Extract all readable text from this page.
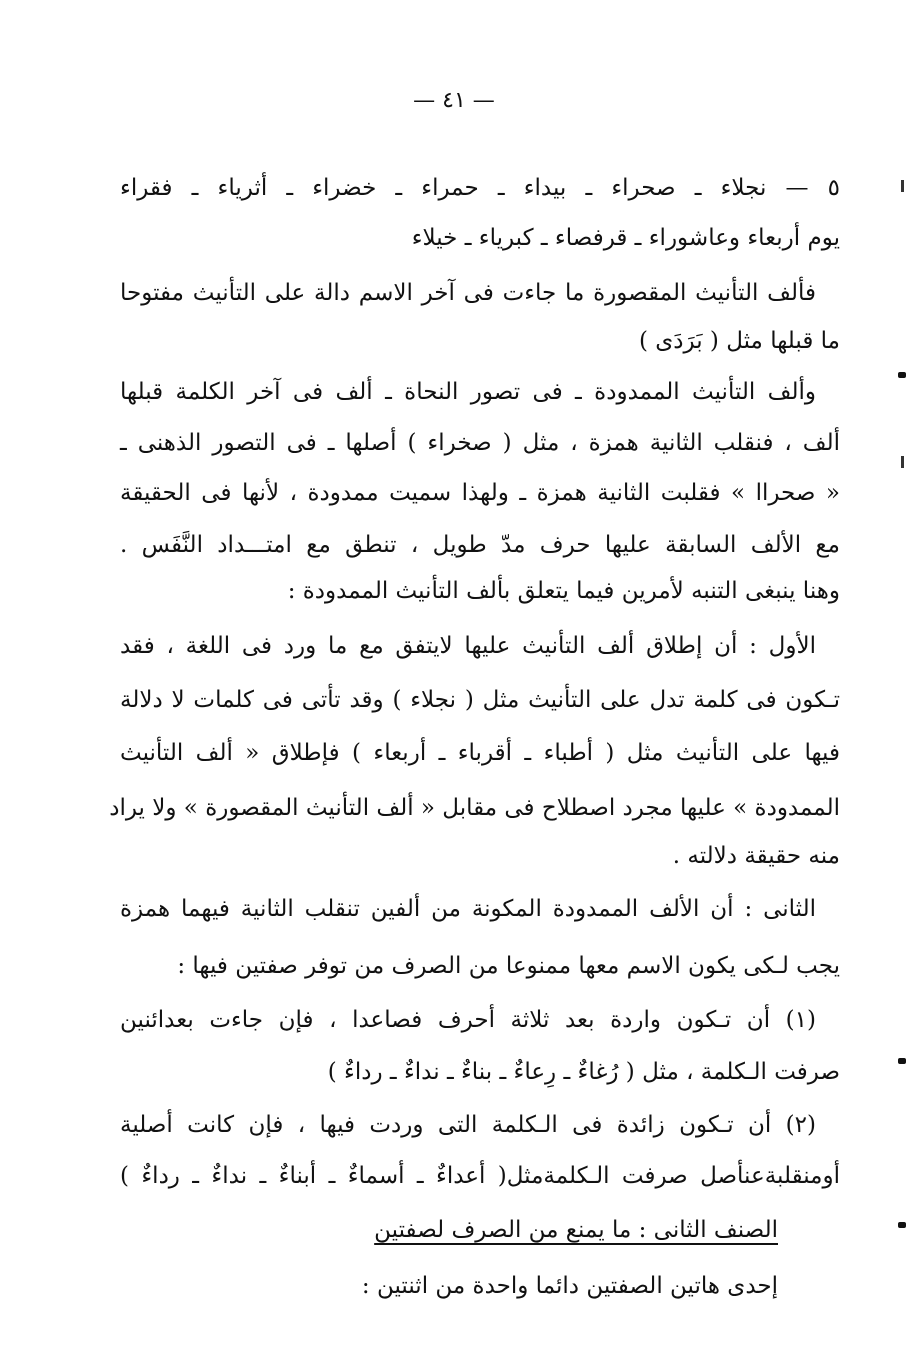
— ٤١ —
٥ — نجلاء ـ صحراء ـ بيداء ـ حمراء ـ خضراء ـ أثرياء ـ فقراء
يوم أربعاء وعاشوراء ـ قرفصاء ـ كبرياء ـ خيلاء
فألف التأنيث المقصورة ما جاءت فى آخر الاسم دالة على التأنيث مفتوحا
ما قبلها مثل ( بَرَدَى )
وألف التأنيث الممدودة ـ فى تصور النحاة ـ ألف فى آخر الكلمة قبلها
ألف ، فنقلب الثانية همزة ، مثل ( صخراء ) أصلها ـ فى التصور الذهنى ـ
« صحراا » فقلبت الثانية همزة ـ ولهذا سميت ممدودة ، لأنها فى الحقيقة
مع الألف السابقة عليها حرف مدّ طويل ، تنطق مع امتـــداد النَّفَس .
وهنا ينبغى التنبه لأمرين فيما يتعلق بألف التأنيث الممدودة :
الأول : أن إطلاق ألف التأنيث عليها لايتفق مع ما ورد فى اللغة ، فقد
تـكون فى كلمة تدل على التأنيث مثل ( نجلاء ) وقد تأتى فى كلمات لا دلالة
فيها على التأنيث مثل ( أطباء ـ أقرباء ـ أربعاء ) فإطلاق « ألف التأنيث
الممدودة » عليها مجرد اصطلاح فى مقابل « ألف التأنيث المقصورة » ولا يراد
منه حقيقة دلالته .
الثانى : أن الألف الممدودة المكونة من ألفين تنقلب الثانية فيهما همزة
يجب لـكى يكون الاسم معها ممنوعا من الصرف من توفر صفتين فيها :
(١) أن تـكون واردة بعد ثلاثة أحرف فصاعدا ، فإن جاءت بعدائنين
صرفت الـكلمة ، مثل ( رُغاءٌ ـ رِعاءٌ ـ بناءٌ ـ نداءٌ ـ رداءٌ )
(٢) أن تـكون زائدة فى الـكلمة التى وردت فيها ، فإن كانت أصلية
أومنقلبةعنأصل صرفت الـكلمةمثل( أعداءٌ ـ أسماءٌ ـ أبناءٌ ـ نداءٌ ـ رداءٌ )
الصنف الثانى : ما يمنع من الصرف لصفتين
إحدى هاتين الصفتين دائما واحدة من اثنتين :
